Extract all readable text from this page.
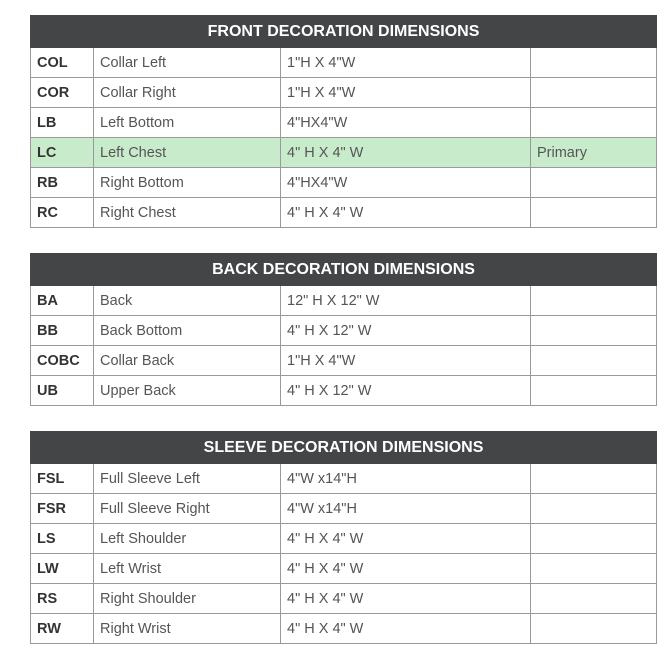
FRONT DECORATION DIMENSIONS			
COL	Collar Left	1"H X 4"W	
COR	Collar Right	1"H X 4"W	
LB	Left Bottom	4"HX4"W	
LC	Left Chest	4" H X 4" W	Primary
RB	Right Bottom	4"HX4"W	
RC	Right Chest	4" H X 4" W	
BACK DECORATION DIMENSIONS			
BA	Back	12" H X 12" W	
BB	Back Bottom	4" H X 12" W	
COBC	Collar Back	1"H X 4"W	
UB	Upper Back	4" H X 12" W	
SLEEVE DECORATION DIMENSIONS			
FSL	Full Sleeve Left	4"W x14"H	
FSR	Full Sleeve Right	4"W x14"H	
LS	Left Shoulder	4" H X 4" W	
LW	Left Wrist	4" H X 4" W	
RS	Right Shoulder	4" H X 4" W	
RW	Right Wrist	4" H X 4" W	
